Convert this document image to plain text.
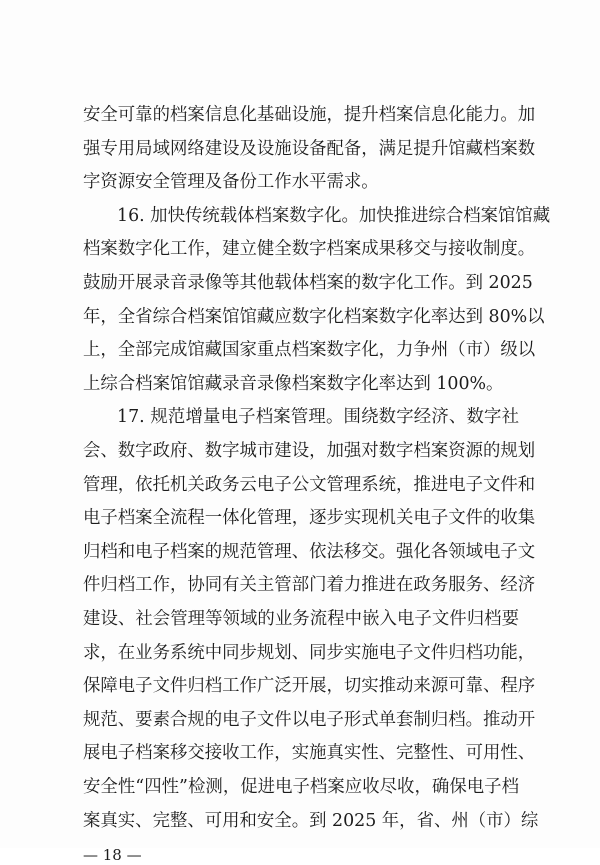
安全可靠的档案信息化基础设施，提升档案信息化能力。加
强专用局域网络建设及设施设备配备，满足提升馆藏档案数
字资源安全管理及备份工作水平需求。
16. 加快传统载体档案数字化。加快推进综合档案馆馆藏
档案数字化工作，建立健全数字档案成果移交与接收制度。
鼓励开展录音录像等其他载体档案的数字化工作。到 2025
年，全省综合档案馆馆藏应数字化档案数字化率达到 80%以
上，全部完成馆藏国家重点档案数字化，力争州（市）级以
上综合档案馆馆藏录音录像档案数字化率达到 100%。
17. 规范增量电子档案管理。围绕数字经济、数字社
会、数字政府、数字城市建设，加强对数字档案资源的规划
管理，依托机关政务云电子公文管理系统，推进电子文件和
电子档案全流程一体化管理，逐步实现机关电子文件的收集
归档和电子档案的规范管理、依法移交。强化各领域电子文
件归档工作，协同有关主管部门着力推进在政务服务、经济
建设、社会管理等领域的业务流程中嵌入电子文件归档要
求，在业务系统中同步规划、同步实施电子文件归档功能，
保障电子文件归档工作广泛开展，切实推动来源可靠、程序
规范、要素合规的电子文件以电子形式单套制归档。推动开
展电子档案移交接收工作，实施真实性、完整性、可用性、
安全性“四性”检测，促进电子档案应收尽收，确保电子档
案真实、完整、可用和安全。到 2025 年，省、州（市）综
— 18 —
